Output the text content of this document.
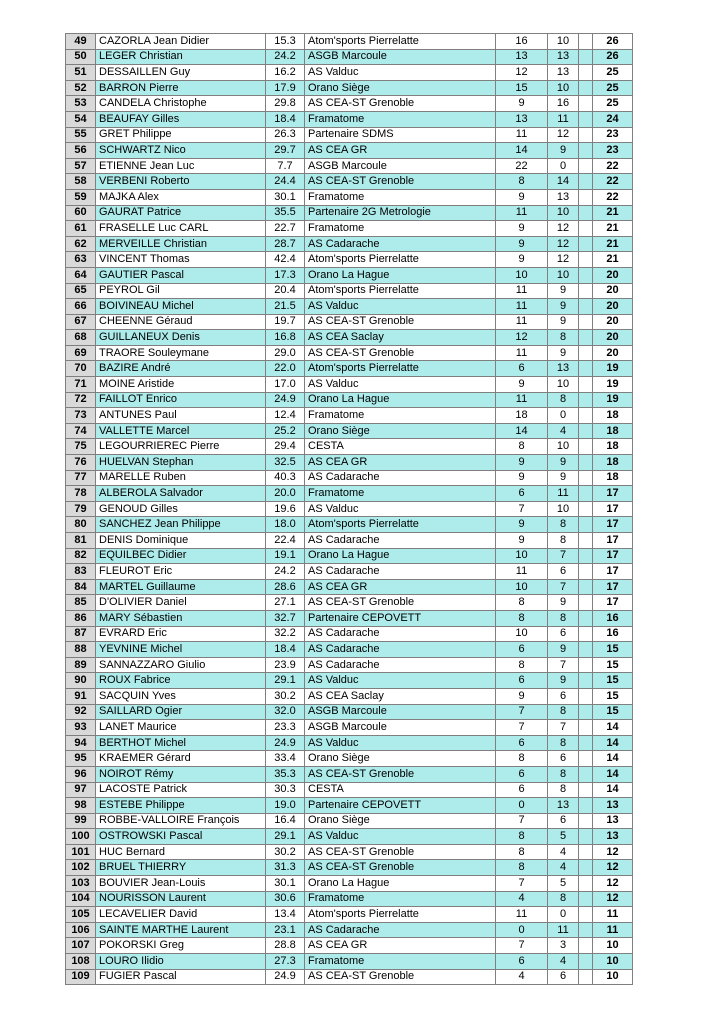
49	CAZORLA Jean Didier	15.3	Atom'sports Pierrelatte	16	10		26
50	LEGER Christian	24.2	ASGB Marcoule	13	13		26
51	DESSAILLEN Guy	16.2	AS Valduc	12	13		25
52	BARRON Pierre	17.9	Orano Siège	15	10		25
53	CANDELA Christophe	29.8	AS CEA-ST Grenoble	9	16		25
54	BEAUFAY Gilles	18.4	Framatome	13	11		24
55	GRET Philippe	26.3	Partenaire SDMS	11	12		23
56	SCHWARTZ Nico	29.7	AS CEA GR	14	9		23
57	ETIENNE Jean Luc	7.7	ASGB Marcoule	22	0		22
58	VERBENI Roberto	24.4	AS CEA-ST Grenoble	8	14		22
59	MAJKA Alex	30.1	Framatome	9	13		22
60	GAURAT Patrice	35.5	Partenaire 2G Metrologie	11	10		21
61	FRASELLE Luc CARL	22.7	Framatome	9	12		21
62	MERVEILLE Christian	28.7	AS Cadarache	9	12		21
63	VINCENT Thomas	42.4	Atom'sports Pierrelatte	9	12		21
64	GAUTIER Pascal	17.3	Orano La Hague	10	10		20
65	PEYROL Gil	20.4	Atom'sports Pierrelatte	11	9		20
66	BOIVINEAU Michel	21.5	AS Valduc	11	9		20
67	CHEENNE Géraud	19.7	AS CEA-ST Grenoble	11	9		20
68	GUILLANEUX Denis	16.8	AS CEA Saclay	12	8		20
69	TRAORE Souleymane	29.0	AS CEA-ST Grenoble	11	9		20
70	BAZIRE André	22.0	Atom'sports Pierrelatte	6	13		19
71	MOINE Aristide	17.0	AS Valduc	9	10		19
72	FAILLOT Enrico	24.9	Orano La Hague	11	8		19
73	ANTUNES Paul	12.4	Framatome	18	0		18
74	VALLETTE Marcel	25.2	Orano Siège	14	4		18
75	LEGOURRIEREC Pierre	29.4	CESTA	8	10		18
76	HUELVAN Stephan	32.5	AS CEA GR	9	9		18
77	MARELLE Ruben	40.3	AS Cadarache	9	9		18
78	ALBEROLA Salvador	20.0	Framatome	6	11		17
79	GENOUD Gilles	19.6	AS Valduc	7	10		17
80	SANCHEZ Jean Philippe	18.0	Atom'sports Pierrelatte	9	8		17
81	DENIS Dominique	22.4	AS Cadarache	9	8		17
82	EQUILBEC Didier	19.1	Orano La Hague	10	7		17
83	FLEUROT Eric	24.2	AS Cadarache	11	6		17
84	MARTEL Guillaume	28.6	AS CEA GR	10	7		17
85	D'OLIVIER Daniel	27.1	AS CEA-ST Grenoble	8	9		17
86	MARY Sébastien	32.7	Partenaire CEPOVETT	8	8		16
87	EVRARD Eric	32.2	AS Cadarache	10	6		16
88	YEVNINE Michel	18.4	AS Cadarache	6	9		15
89	SANNAZZARO Giulio	23.9	AS Cadarache	8	7		15
90	ROUX Fabrice	29.1	AS Valduc	6	9		15
91	SACQUIN Yves	30.2	AS CEA Saclay	9	6		15
92	SAILLARD Ogier	32.0	ASGB Marcoule	7	8		15
93	LANET Maurice	23.3	ASGB Marcoule	7	7		14
94	BERTHOT Michel	24.9	AS Valduc	6	8		14
95	KRAEMER Gérard	33.4	Orano Siège	8	6		14
96	NOIROT Rémy	35.3	AS CEA-ST Grenoble	6	8		14
97	LACOSTE Patrick	30.3	CESTA	6	8		14
98	ESTEBE Philippe	19.0	Partenaire CEPOVETT	0	13		13
99	ROBBE-VALLOIRE François	16.4	Orano Siège	7	6		13
100	OSTROWSKI Pascal	29.1	AS Valduc	8	5		13
101	HUC Bernard	30.2	AS CEA-ST Grenoble	8	4		12
102	BRUEL THIERRY	31.3	AS CEA-ST Grenoble	8	4		12
103	BOUVIER Jean-Louis	30.1	Orano La Hague	7	5		12
104	NOURISSON Laurent	30.6	Framatome	4	8		12
105	LECAVELIER David	13.4	Atom'sports Pierrelatte	11	0		11
106	SAINTE MARTHE Laurent	23.1	AS Cadarache	0	11		11
107	POKORSKI Greg	28.8	AS CEA GR	7	3		10
108	LOURO Ilidio	27.3	Framatome	6	4		10
109	FUGIER Pascal	24.9	AS CEA-ST Grenoble	4	6		10
